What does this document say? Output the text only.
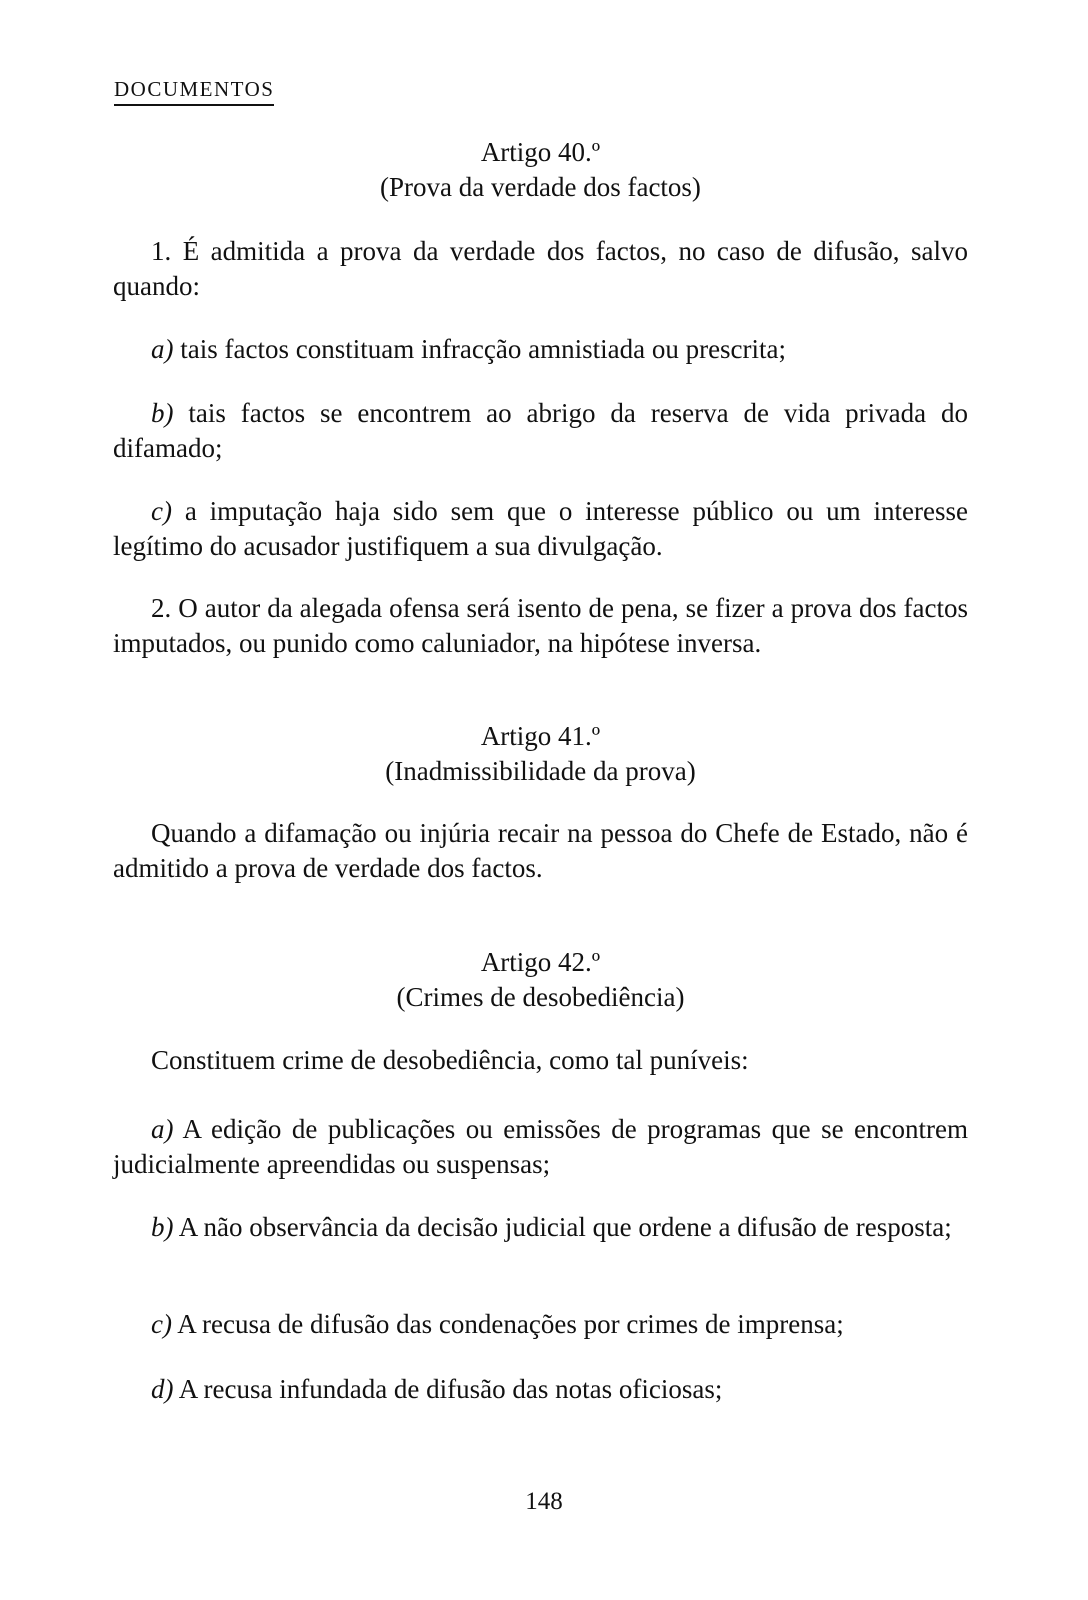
DOCUMENTOS
Artigo 40.º
(Prova da verdade dos factos)
1. É admitida a prova da verdade dos factos, no caso de difusão, salvo quando:
a) tais factos constituam infracção amnistiada ou prescrita;
b) tais factos se encontrem ao abrigo da reserva de vida privada do difamado;
c) a imputação haja sido sem que o interesse público ou um interesse legítimo do acusador justifiquem a sua divulgação.
2. O autor da alegada ofensa será isento de pena, se fizer a prova dos factos imputados, ou punido como caluniador, na hipótese inversa.
Artigo 41.º
(Inadmissibilidade da prova)
Quando a difamação ou injúria recair na pessoa do Chefe de Estado, não é admitido a prova de verdade dos factos.
Artigo 42.º
(Crimes de desobediência)
Constituem crime de desobediência, como tal puníveis:
a) A edição de publicações ou emissões de programas que se encontrem judicialmente apreendidas ou suspensas;
b) A não observância da decisão judicial que ordene a difusão de resposta;
c) A recusa de difusão das condenações por crimes de imprensa;
d) A recusa infundada de difusão das notas oficiosas;
148
